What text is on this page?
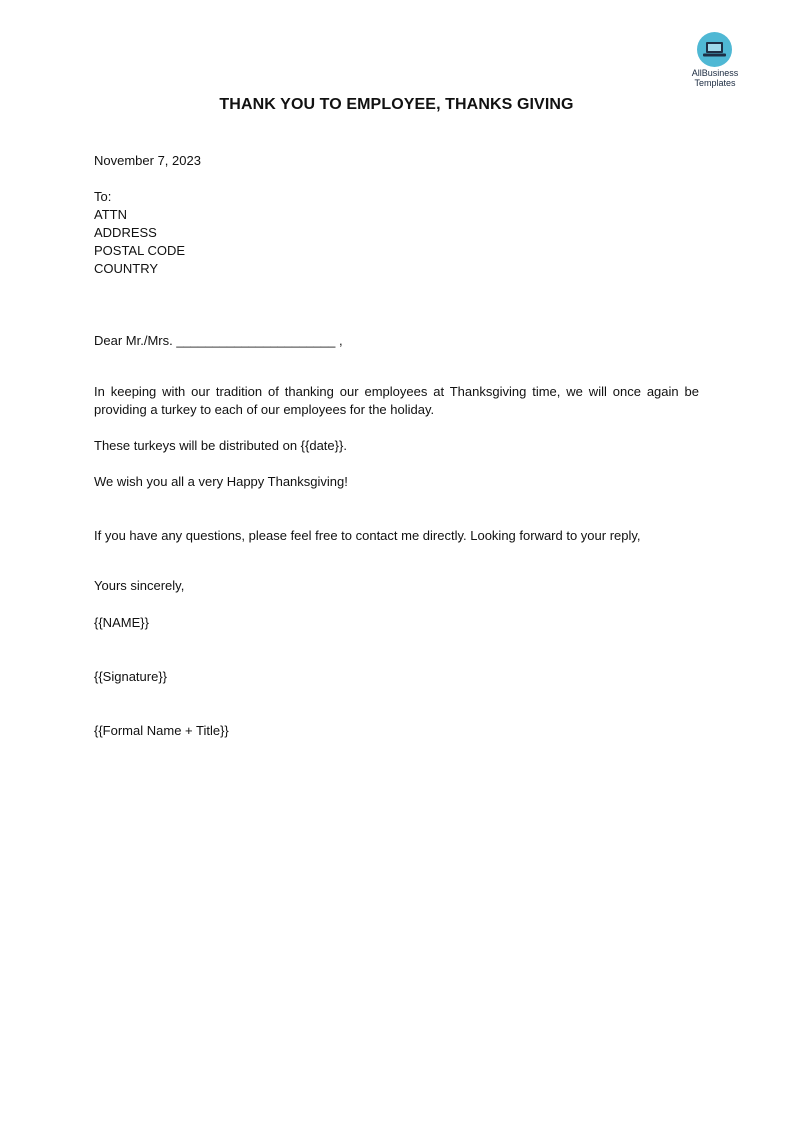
AllBusiness
Templates
THANK YOU TO EMPLOYEE, THANKS GIVING
November 7, 2023
To:
ATTN
ADDRESS
POSTAL CODE
COUNTRY
Dear Mr./Mrs. ______________________ ,
In keeping with our tradition of thanking our employees at Thanksgiving time, we will once again be providing a turkey to each of our employees for the holiday.
These turkeys will be distributed on {{date}}.
We wish you all a very Happy Thanksgiving!
If you have any questions, please feel free to contact me directly. Looking forward to your reply,
Yours sincerely,
{{NAME}}
{{Signature}}
{{Formal Name + Title}}
